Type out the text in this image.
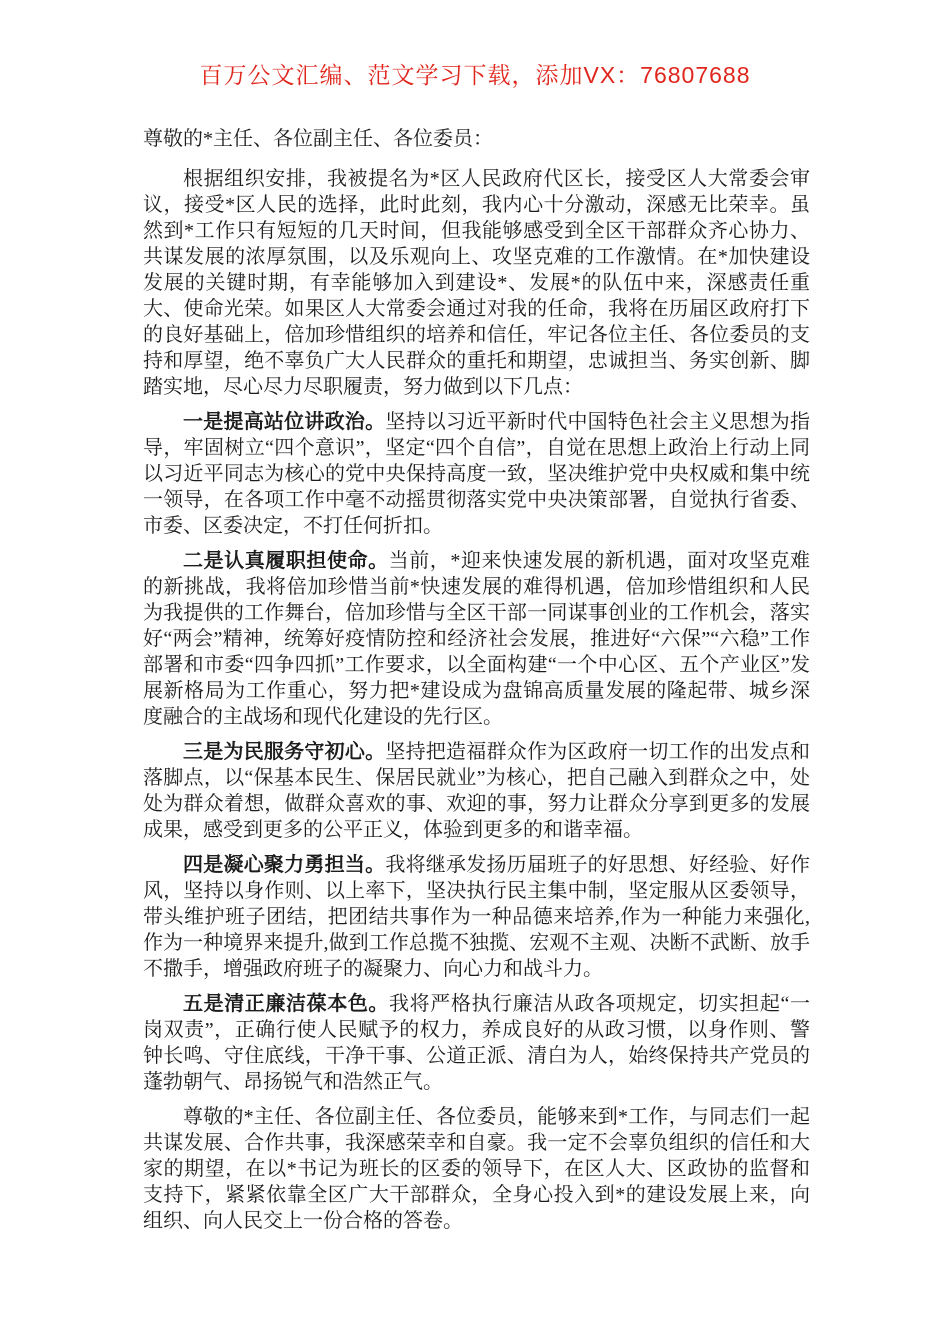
百万公文汇编、范文学习下载，添加VX：76807688

尊敬的*主任、各位副主任、各位委员：

根据组织安排，我被提名为*区人民政府代区长，接受区人大常委会审议，接受*区人民的选择，此时此刻，我内心十分激动，深感无比荣幸。虽然到*工作只有短短的几天时间，但我能够感受到全区干部群众齐心协力、共谋发展的浓厚氛围，以及乐观向上、攻坚克难的工作激情。在*加快建设发展的关键时期，有幸能够加入到建设*、发展*的队伍中来，深感责任重大、使命光荣。如果区人大常委会通过对我的任命，我将在历届区政府打下的良好基础上，倍加珍惜组织的培养和信任，牢记各位主任、各位委员的支持和厚望，绝不辜负广大人民群众的重托和期望，忠诚担当、务实创新、脚踏实地，尽心尽力尽职履责，努力做到以下几点：

一是提高站位讲政治。坚持以习近平新时代中国特色社会主义思想为指导，牢固树立“四个意识”，坚定“四个自信”，自觉在思想上政治上行动上同以习近平同志为核心的党中央保持高度一致，坚决维护党中央权威和集中统一领导，在各项工作中毫不动摇贯彻落实党中央决策部署，自觉执行省委、市委、区委决定，不打任何折扣。

二是认真履职担使命。当前，*迎来快速发展的新机遇，面对攻坚克难的新挑战，我将倍加珍惜当前*快速发展的难得机遇，倍加珍惜组织和人民为我提供的工作舞台，倍加珍惜与全区干部一同谋事创业的工作机会，落实好“两会”精神，统筹好疫情防控和经济社会发展，推进好“六保”“六稳”工作部署和市委“四争四抓”工作要求，以全面构建“一个中心区、五个产业区”发展新格局为工作重心，努力把*建设成为盘锦高质量发展的隆起带、城乡深度融合的主战场和现代化建设的先行区。

三是为民服务守初心。坚持把造福群众作为区政府一切工作的出发点和落脚点，以“保基本民生、保居民就业”为核心，把自己融入到群众之中，处处为群众着想，做群众喜欢的事、欢迎的事，努力让群众分享到更多的发展成果，感受到更多的公平正义，体验到更多的和谐幸福。

四是凝心聚力勇担当。我将继承发扬历届班子的好思想、好经验、好作风，坚持以身作则、以上率下，坚决执行民主集中制，坚定服从区委领导，带头维护班子团结，把团结共事作为一种品德来培养,作为一种能力来强化,作为一种境界来提升,做到工作总揽不独揽、宏观不主观、决断不武断、放手不撒手，增强政府班子的凝聚力、向心力和战斗力。

五是清正廉洁葆本色。我将严格执行廉洁从政各项规定，切实担起“一岗双责”，正确行使人民赋予的权力，养成良好的从政习惯，以身作则、警钟长鸣、守住底线，干净干事、公道正派、清白为人，始终保持共产党员的蓬勃朝气、昂扬锐气和浩然正气。

尊敬的*主任、各位副主任、各位委员，能够来到*工作，与同志们一起共谋发展、合作共事，我深感荣幸和自豪。我一定不会辜负组织的信任和大家的期望，在以*书记为班长的区委的领导下，在区人大、区政协的监督和支持下，紧紧依靠全区广大干部群众，全身心投入到*的建设发展上来，向组织、向人民交上一份合格的答卷。
